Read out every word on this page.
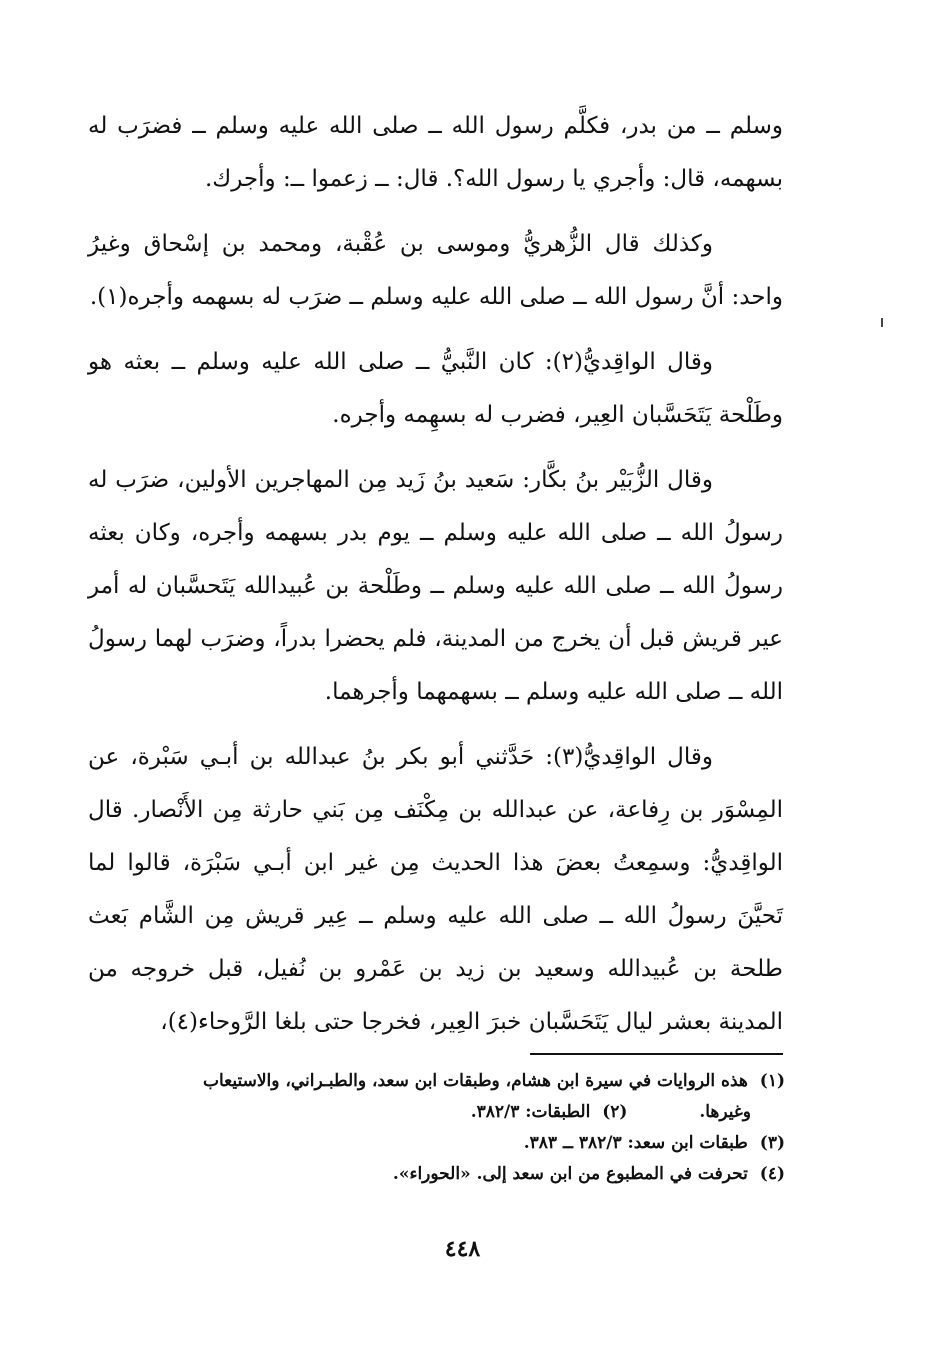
وسلم ــ من بدر، فكلَّم رسول الله ــ صلى الله عليه وسلم ــ فضرَب له بسهمه، قال: وأجري يا رسول الله؟. قال: ــ زعموا ــ: وأجرك.

وكذلك قال الزُّهريُّ وموسى بن عُقْبة، ومحمد بن إسْحاق وغيرُ واحد: أنَّ رسول الله ــ صلى الله عليه وسلم ــ ضرَب له بسهمه وأجره(١).

وقال الواقِديُّ(٢): كان النَّبيُّ ــ صلى الله عليه وسلم ــ بعثه هو وطَلْحة يَتَحَسَّبان العِير، فضرب له بسهِمه وأجره.

وقال الزُّبَيْر بنُ بكَّار: سَعيد بنُ زَيد مِن المهاجرين الأولين، ضرَب له رسولُ الله ــ صلى الله عليه وسلم ــ يوم بدر بسهمه وأجره، وكان بعثه رسولُ الله ــ صلى الله عليه وسلم ــ وطَلْحة بن عُبيدالله يَتَحسَّبان له أمر عير قريش قبل أن يخرج من المدينة، فلم يحضرا بدراً، وضرَب لهما رسولُ الله ــ صلى الله عليه وسلم ــ بسهمهما وأجرهما.

وقال الواقِديُّ(٣): حَدَّثني أبو بكر بنُ عبدالله بن أبـي سَبْرة، عن المِسْوَر بن رِفاعة، عن عبدالله بن مِكْنَف مِن بَني حارثة مِن الأَنْصار. قال الواقِديُّ: وسمِعتُ بعضَ هذا الحديث مِن غير ابن أبـي سَبْرَة، قالوا لما تَحيَّنَ رسولُ الله ــ صلى الله عليه وسلم ــ عِير قريش مِن الشَّام بَعث طلحة بن عُبيدالله وسعيد بن زيد بن عَمْرو بن نُفيل، قبل خروجه من المدينة بعشر ليال يَتَحَسَّبان خبرَ العِير، فخرجا حتى بلغا الرَّوحاء(٤)،

(١) هذه الروايات في سيرة ابن هشام، وطبقات ابن سعد، والطبـراني، والاستيعاب

وغيرها.  (٢) الطبقات: ٣٨٢/٣.

(٣) طبقات ابن سعد: ٣٨٢/٣ ــ ٣٨٣.

(٤) تحرفت في المطبوع من ابن سعد إلى. «الحوراء».

٤٤٨
